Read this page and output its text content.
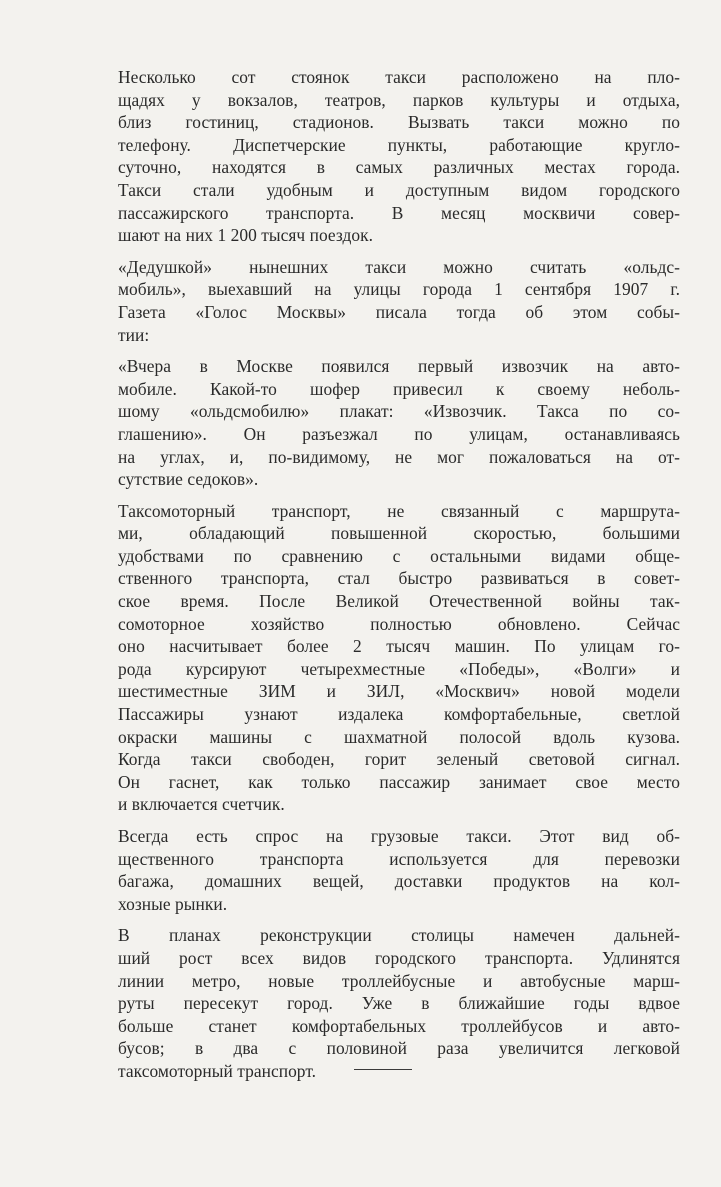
Несколько сот стоянок такси расположено на пло-
щадях у вокзалов, театров, парков культуры и отдыха,
близ гостиниц, стадионов. Вызвать такси можно по
телефону. Диспетчерские пункты, работающие кругло-
суточно, находятся в самых различных местах города.
Такси стали удобным и доступным видом городского
пассажирского транспорта. В месяц москвичи совер-
шают на них 1 200 тысяч поездок.

«Дедушкой» нынешних такси можно считать «ольдс-
мобиль», выехавший на улицы города 1 сентября 1907 г.
Газета «Голос Москвы» писала тогда об этом собы-
тии:

«Вчера в Москве появился первый извозчик на авто-
мобиле. Какой-то шофер привесил к своему неболь-
шому «ольдсмобилю» плакат: «Извозчик. Такса по со-
глашению». Он разъезжал по улицам, останавливаясь
на углах, и, по-видимому, не мог пожаловаться на от-
сутствие седоков».

Таксомоторный транспорт, не связанный с маршрута-
ми, обладающий повышенной скоростью, большими
удобствами по сравнению с остальными видами обще-
ственного транспорта, стал быстро развиваться в совет-
ское время. После Великой Отечественной войны так-
сомоторное хозяйство полностью обновлено. Сейчас
оно насчитывает более 2 тысяч машин. По улицам го-
рода курсируют четырехместные «Победы», «Волги» и
шестиместные ЗИМ и ЗИЛ, «Москвич» новой модели
Пассажиры узнают издалека комфортабельные, светлой
окраски машины с шахматной полосой вдоль кузова.
Когда такси свободен, горит зеленый световой сигнал.
Он гаснет, как только пассажир занимает свое место
и включается счетчик.

Всегда есть спрос на грузовые такси. Этот вид об-
щественного транспорта используется для перевозки
багажа, домашних вещей, доставки продуктов на кол-
хозные рынки.

В планах реконструкции столицы намечен дальней-
ший рост всех видов городского транспорта. Удлинятся
линии метро, новые троллейбусные и автобусные марш-
руты пересекут город. Уже в ближайшие годы вдвое
больше станет комфортабельных троллейбусов и авто-
бусов; в два с половиной раза увеличится легковой
таксомоторный транспорт.
